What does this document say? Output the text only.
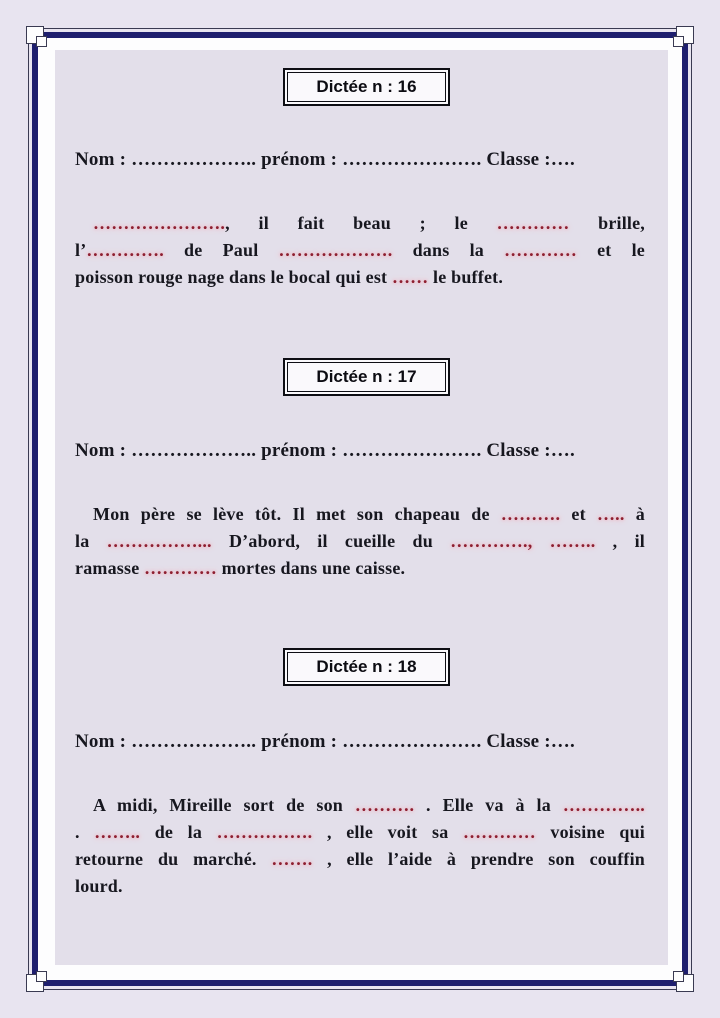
Dictée n : 16
Nom : ……………….. prénom : …………………. Classe :….
…………………., il fait beau ; le ………… brille,
l’…………. de Paul ………………. dans la ………… et le
poisson rouge nage dans le bocal qui est …… le buffet.
Dictée n : 17
Nom : ……………….. prénom : …………………. Classe :….
Mon père se lève tôt. Il met son chapeau de ………. et ….. à
la ……………... D’abord, il cueille du …………., …….. , il
ramasse ………… mortes dans une caisse.
Dictée n : 18
Nom : ……………….. prénom : …………………. Classe :….
A midi, Mireille sort de son ………. . Elle va à la …………..
. …….. de la ……………. , elle voit sa ………… voisine qui
retourne du marché. ……. , elle l’aide à prendre son couffin
lourd.
